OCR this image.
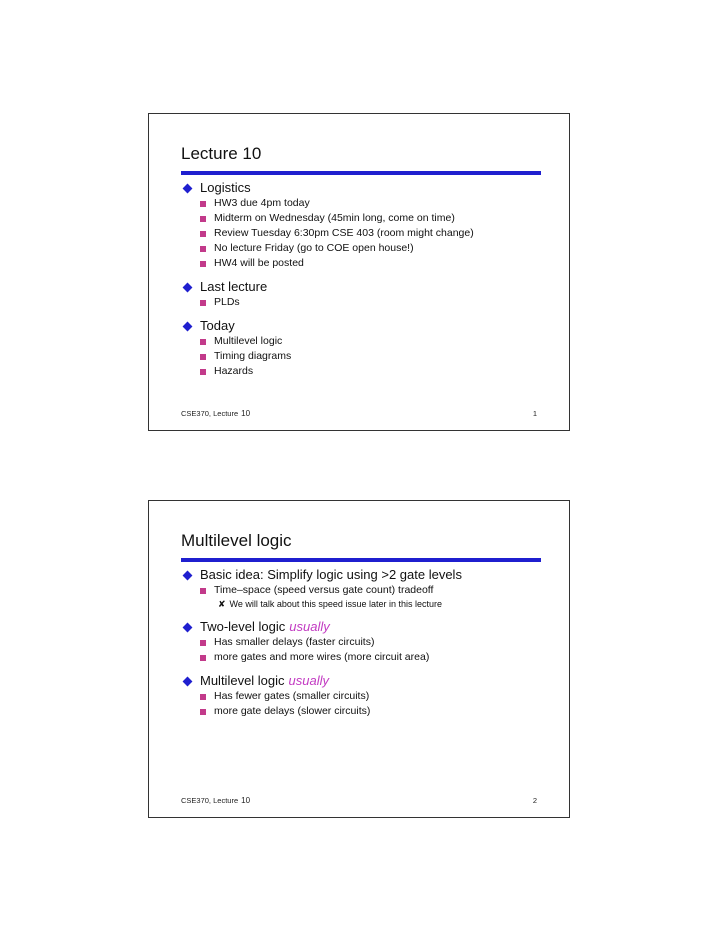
Lecture 10
Logistics
HW3 due 4pm today
Midterm on Wednesday (45min long, come on time)
Review Tuesday 6:30pm CSE 403 (room might change)
No lecture Friday (go to COE open house!)
HW4 will be posted
Last lecture
PLDs
Today
Multilevel logic
Timing diagrams
Hazards
CSE370, Lecture 10	1
Multilevel logic
Basic idea: Simplify logic using >2 gate levels
Time–space (speed versus gate count) tradeoff
✘ We will talk about this speed issue later in this lecture
Two-level logic usually
Has smaller delays (faster circuits)
more gates and more wires (more circuit area)
Multilevel logic usually
Has fewer gates (smaller circuits)
more gate delays (slower circuits)
CSE370, Lecture 10	2
